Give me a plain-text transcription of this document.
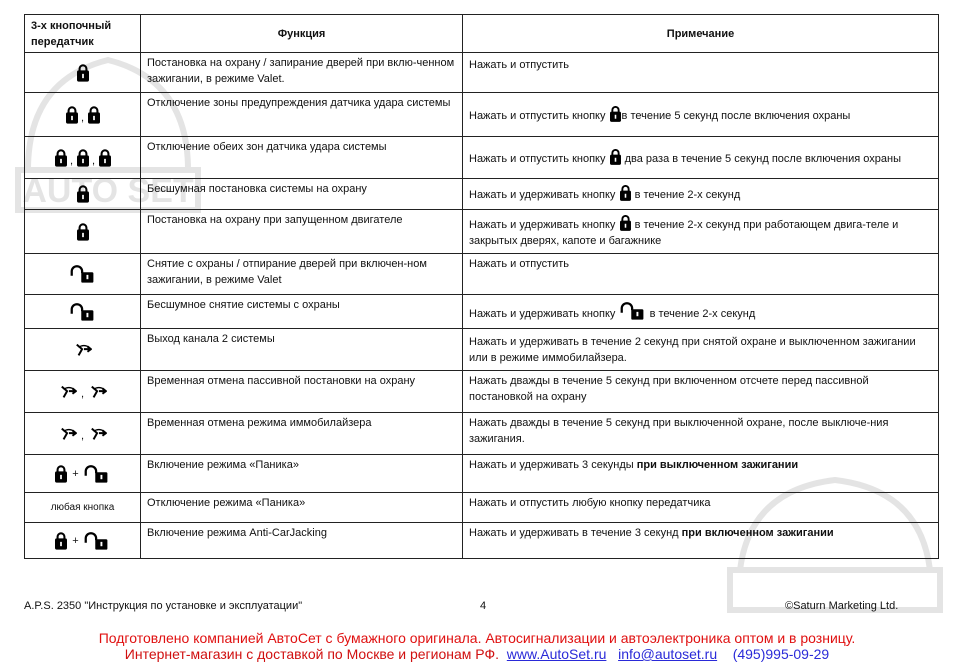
AUTO SET
3-х кнопочный передатчик	Функция	Примечание
	Постановка на охрану / запирание дверей при вклю-ченном зажигании, в режиме Valet.	Нажать и отпустить
,	Отключение зоны предупреждения датчика удара системы	Нажать и отпустить кнопку в течение 5 секунд после включения охраны
, ,	Отключение обеих зон датчика удара системы	Нажать и отпустить кнопку два раза в течение 5 секунд после включения охраны
	Бесшумная постановка системы на охрану	Нажать и удерживать кнопку в течение 2-х секунд
	Постановка на охрану при запущенном двигателе	Нажать и удерживать кнопку в течение 2-х секунд при работающем двига-теле и закрытых дверях, капоте и багажнике
	Снятие с охраны / отпирание дверей при включен-ном зажигании, в режиме Valet	Нажать и отпустить
	Бесшумное снятие системы с охраны	Нажать и удерживать кнопку в течение 2-х секунд
	Выход канала 2 системы	Нажать и удерживать в течение 2 секунд при снятой охране и выключенном зажигании или в режиме иммобилайзера.
,	Временная отмена пассивной постановки на охрану	Нажать дважды в течение 5 секунд при включенном отсчете перед пассивной постановкой на охрану
,	Временная отмена режима иммобилайзера	Нажать дважды в течение 5 секунд при выключенной охране, после выключе-ния зажигания.
+	Включение режима «Паника»	Нажать и удерживать 3 секунды при выключенном зажигании
любая кнопка	Отключение режима «Паника»	Нажать и отпустить любую кнопку передатчика
+	Включение режима Anti-CarJacking	Нажать и удерживать в течение 3 секунд при включенном зажигании
A.P.S. 2350 "Инструкция по установке и эксплуатации"	4	©Saturn Marketing Ltd.
Подготовлено компанией АвтоСет с бумажного оригинала. Автосигнализации и автоэлектроника оптом и в розницу.
Интернет-магазин с доставкой по Москве и регионам РФ. www.AutoSet.ru info@autoset.ru (495)995-09-29
